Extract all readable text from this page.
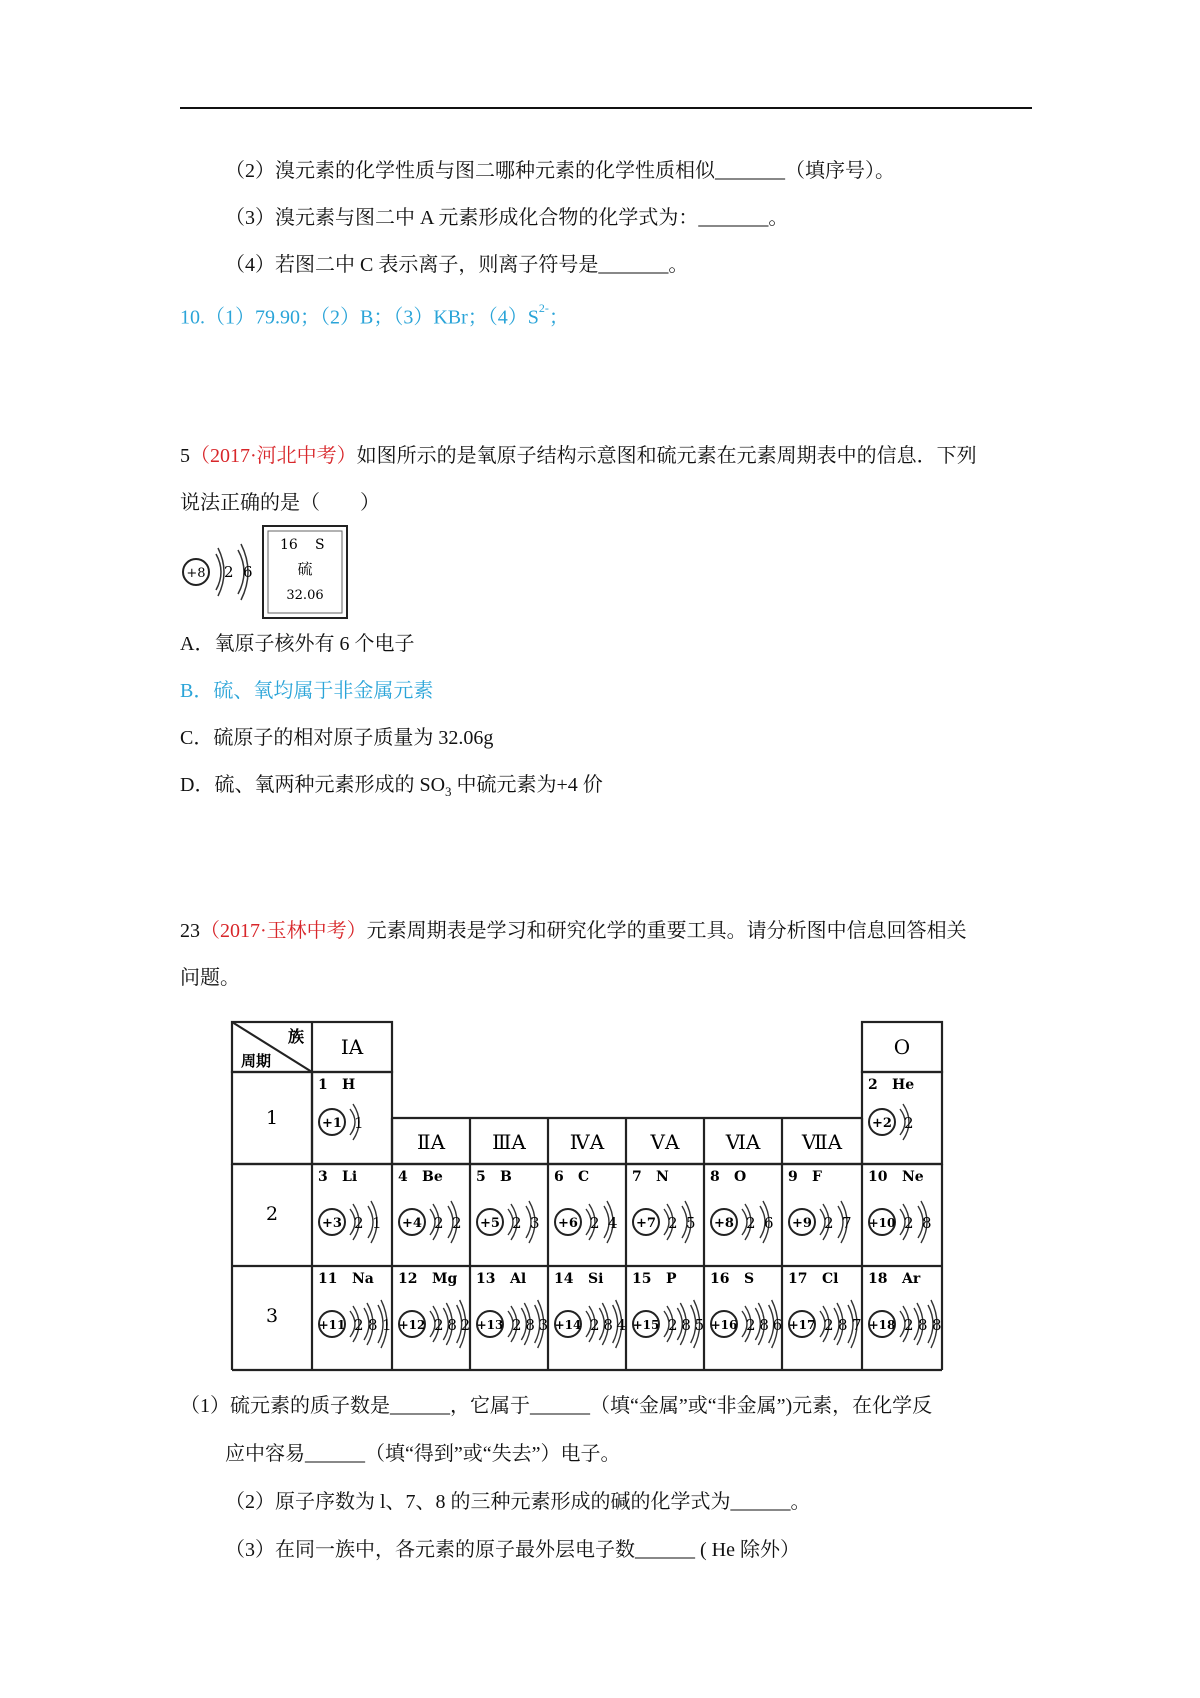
（2）溴元素的化学性质与图二哪种元素的化学性质相似_______（填序号）。
（3）溴元素与图二中 A 元素形成化合物的化学式为：_______。
（4）若图二中 C 表示离子，则离子符号是_______。
10.（1）79.90；（2）B；（3）KBr；$(4)S^{2-}$；
5（2017·河北中考）如图所示的是氧原子结构示意图和硫元素在元素周期表中的信息．下列
说法正确的是（　　）
+8 2 6
16 S
硫
32.06
A．氧原子核外有 6 个电子
B．硫、氧均属于非金属元素
C．硫原子的相对原子质量为 32.06g
D．硫、氧两种元素形成的 $SO_3$ 中硫元素为+4 价
23（2017·玉林中考）元素周期表是学习和研究化学的重要工具。请分析图中信息回答相关
问题。
族
周期
ⅠA
ⅡA ⅢA ⅣA ⅤA ⅥA ⅦA
O
1
2
3
1 H
+1 1
2 He
+2 2
3 Li
+3 2 1
4 Be
+4 2 2
5 B
+5 2 3
6 C
+6 2 4
7 N
+7 2 5
8 O
+8 2 6
9 F
+9 2 7
10 Ne
+10 2 8
11 Na
+11 2 8 1
12 Mg
+12 2 8 2
13 Al
+13 2 8 3
14 Si
+14 2 8 4
15 P
+15 2 8 5
16 S
+16 2 8 6
17 Cl
+17 2 8 7
18 Ar
+18 2 8 8
（1）硫元素的质子数是______，它属于______（填“金属”或“非金属”)元素，在化学反
应中容易______（填“得到”或“失去”）电子。
（2）原子序数为 l、7、8 的三种元素形成的碱的化学式为______。
（3）在同一族中，各元素的原子最外层电子数______ ( He 除外）
